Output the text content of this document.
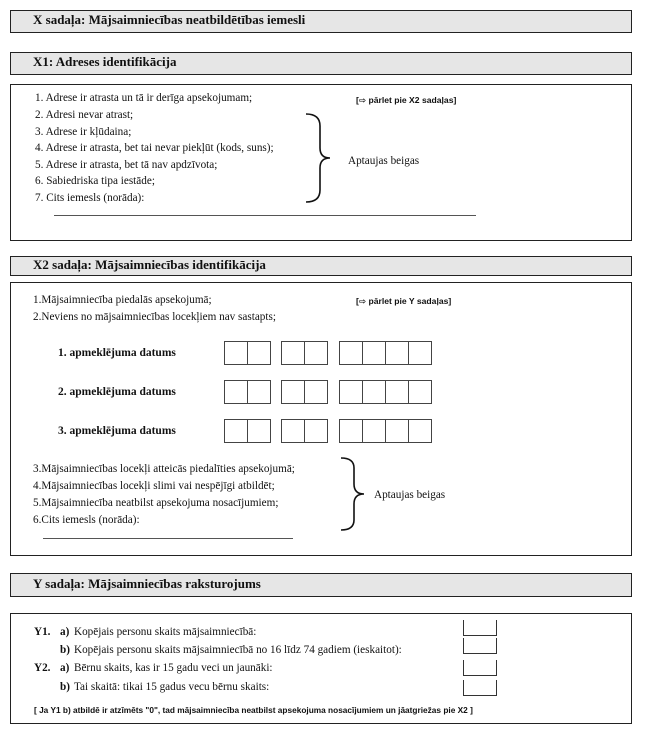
X sadaļa: Mājsaimniecības neatbildētības iemesli
X1: Adreses identifikācija
1. Adrese ir atrasta un tā ir derīga apsekojumam;
2. Adresi nevar atrast;
3. Adrese ir kļūdaina;
4. Adrese ir atrasta, bet tai nevar piekļūt (kods, suns);
5. Adrese ir atrasta, bet tā nav apdzīvota;
6. Sabiedriska tipa iestāde;
7. Cits iemesls (norāda):
[⇨ pārlet pie X2 sadaļas]
Aptaujas beigas
X2 sadaļa: Mājsaimniecības identifikācija
1.Mājsaimniecība piedalās apsekojumā;
2.Neviens no mājsaimniecības locekļiem nav sastapts;
[⇨ pārlet pie Y sadaļas]
1. apmeklējuma datums
2. apmeklējuma datums
3. apmeklējuma datums
3.Mājsaimniecības locekļi atteicās piedalīties apsekojumā;
4.Mājsaimniecības locekļi slimi vai nespējīgi atbildēt;
5.Mājsaimniecība neatbilst apsekojuma nosacījumiem;
6.Cits iemesls (norāda):
Aptaujas beigas
Y sadaļa: Mājsaimniecības raksturojums
Y1. a) Kopējais personu skaits mājsaimniecībā:
b) Kopējais personu skaits mājsaimniecībā no 16 līdz 74 gadiem (ieskaitot):
Y2. a) Bērnu skaits, kas ir 15 gadu veci un jaunāki:
b) Tai skaitā: tikai 15 gadus vecu bērnu skaits:
[ Ja Y1 b) atbildē ir atzīmēts "0", tad mājsaimniecība neatbilst apsekojuma nosacījumiem un jāatgriežas pie X2 ]
